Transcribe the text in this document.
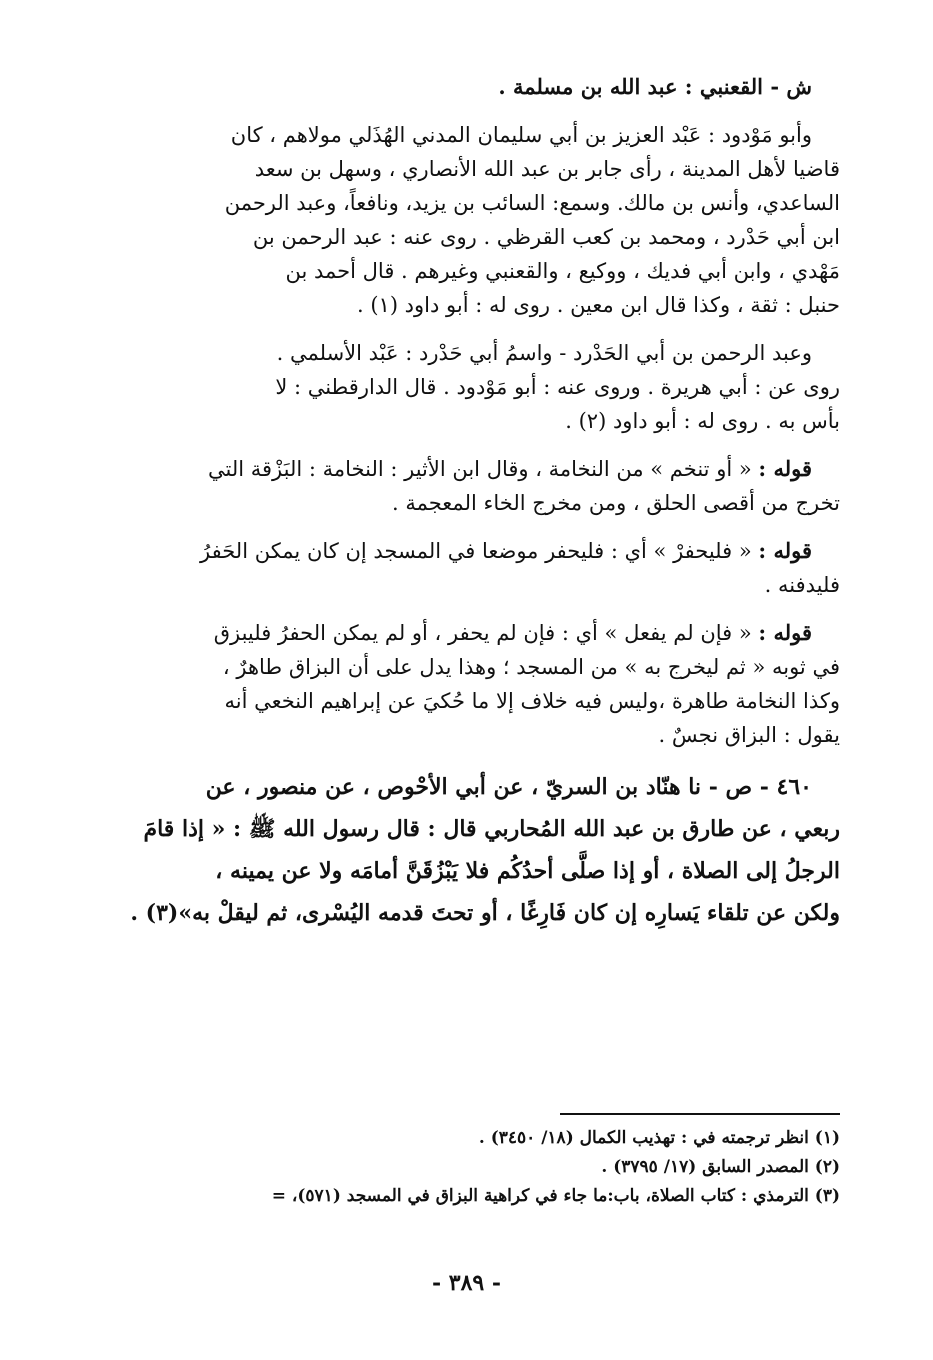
ش - القعنبي : عبد الله بن مسلمة .

وأبو مَوْدود : عَبْد العزيز بن أبي سليمان المدني الهُذَلي مولاهم ، كان

قاضيا لأهل المدينة ، رأى جابر بن عبد الله الأنصاري ، وسهل بن سعد

الساعدي، وأنس بن مالك. وسمع: السائب بن يزيد، ونافعاً، وعبد الرحمن

ابن أبي حَدْرد ، ومحمد بن كعب القرظي . روى عنه : عبد الرحمن بن

مَهْدي ، وابن أبي فديك ، ووكيع ، والقعنبي وغيرهم . قال أحمد بن

حنبل : ثقة ، وكذا قال ابن معين . روى له : أبو داود (١) .

وعبد الرحمن بن أبي الحَدْرد - واسمُ أبي حَدْرد : عَبْد الأسلمي .

روى عن : أبي هريرة . وروى عنه : أبو مَوْدود . قال الدارقطني : لا

بأس به . روى له : أبو داود (٢) .

قوله : « أو تنخم » من النخامة ، وقال ابن الأثير : النخامة : البَزْقة التي

تخرج من أقصى الحلق ، ومن مخرج الخاء المعجمة .

قوله : « فليحفرْ » أي : فليحفر موضعا في المسجد إن كان يمكن الحَفرُ

فليدفنه .

قوله : « فإن لم يفعل » أي : فإن لم يحفر ، أو لم يمكن الحفرُ فليبزق

في ثوبه « ثم ليخرج به » من المسجد ؛ وهذا يدل على أن البزاق طاهرٌ ،

وكذا النخامة طاهرة ،وليس فيه خلاف إلا ما حُكيَ عن إبراهيم النخعي أنه

يقول : البزاق نجسٌ .

٤٦٠ - ص - نا هنّاد بن السريّ ، عن أبي الأحْوص ، عن منصور ، عن

ربعي ، عن طارق بن عبد الله المُحاربي قال : قال رسول الله ﷺ : « إذا قامَ

الرجلُ إلى الصلاة ، أو إذا صلَّى أحدُكُم فلا يَبْزُقَنَّ أمامَه ولا عن يمينه ،

ولكن عن تلقاء يَسارِه إن كان فَارِغًا ، أو تحتَ قدمه اليُسْرى، ثم ليقلْ به»(٣) .

(١) انظر ترجمته في : تهذيب الكمال (١٨/ ٣٤٥٠) .
(٢) المصدر السابق (١٧/ ٣٧٩٥) .
(٣) الترمذي : كتاب الصلاة، باب:ما جاء في كراهية البزاق في المسجد (٥٧١)، =
- ٣٨٩ -
